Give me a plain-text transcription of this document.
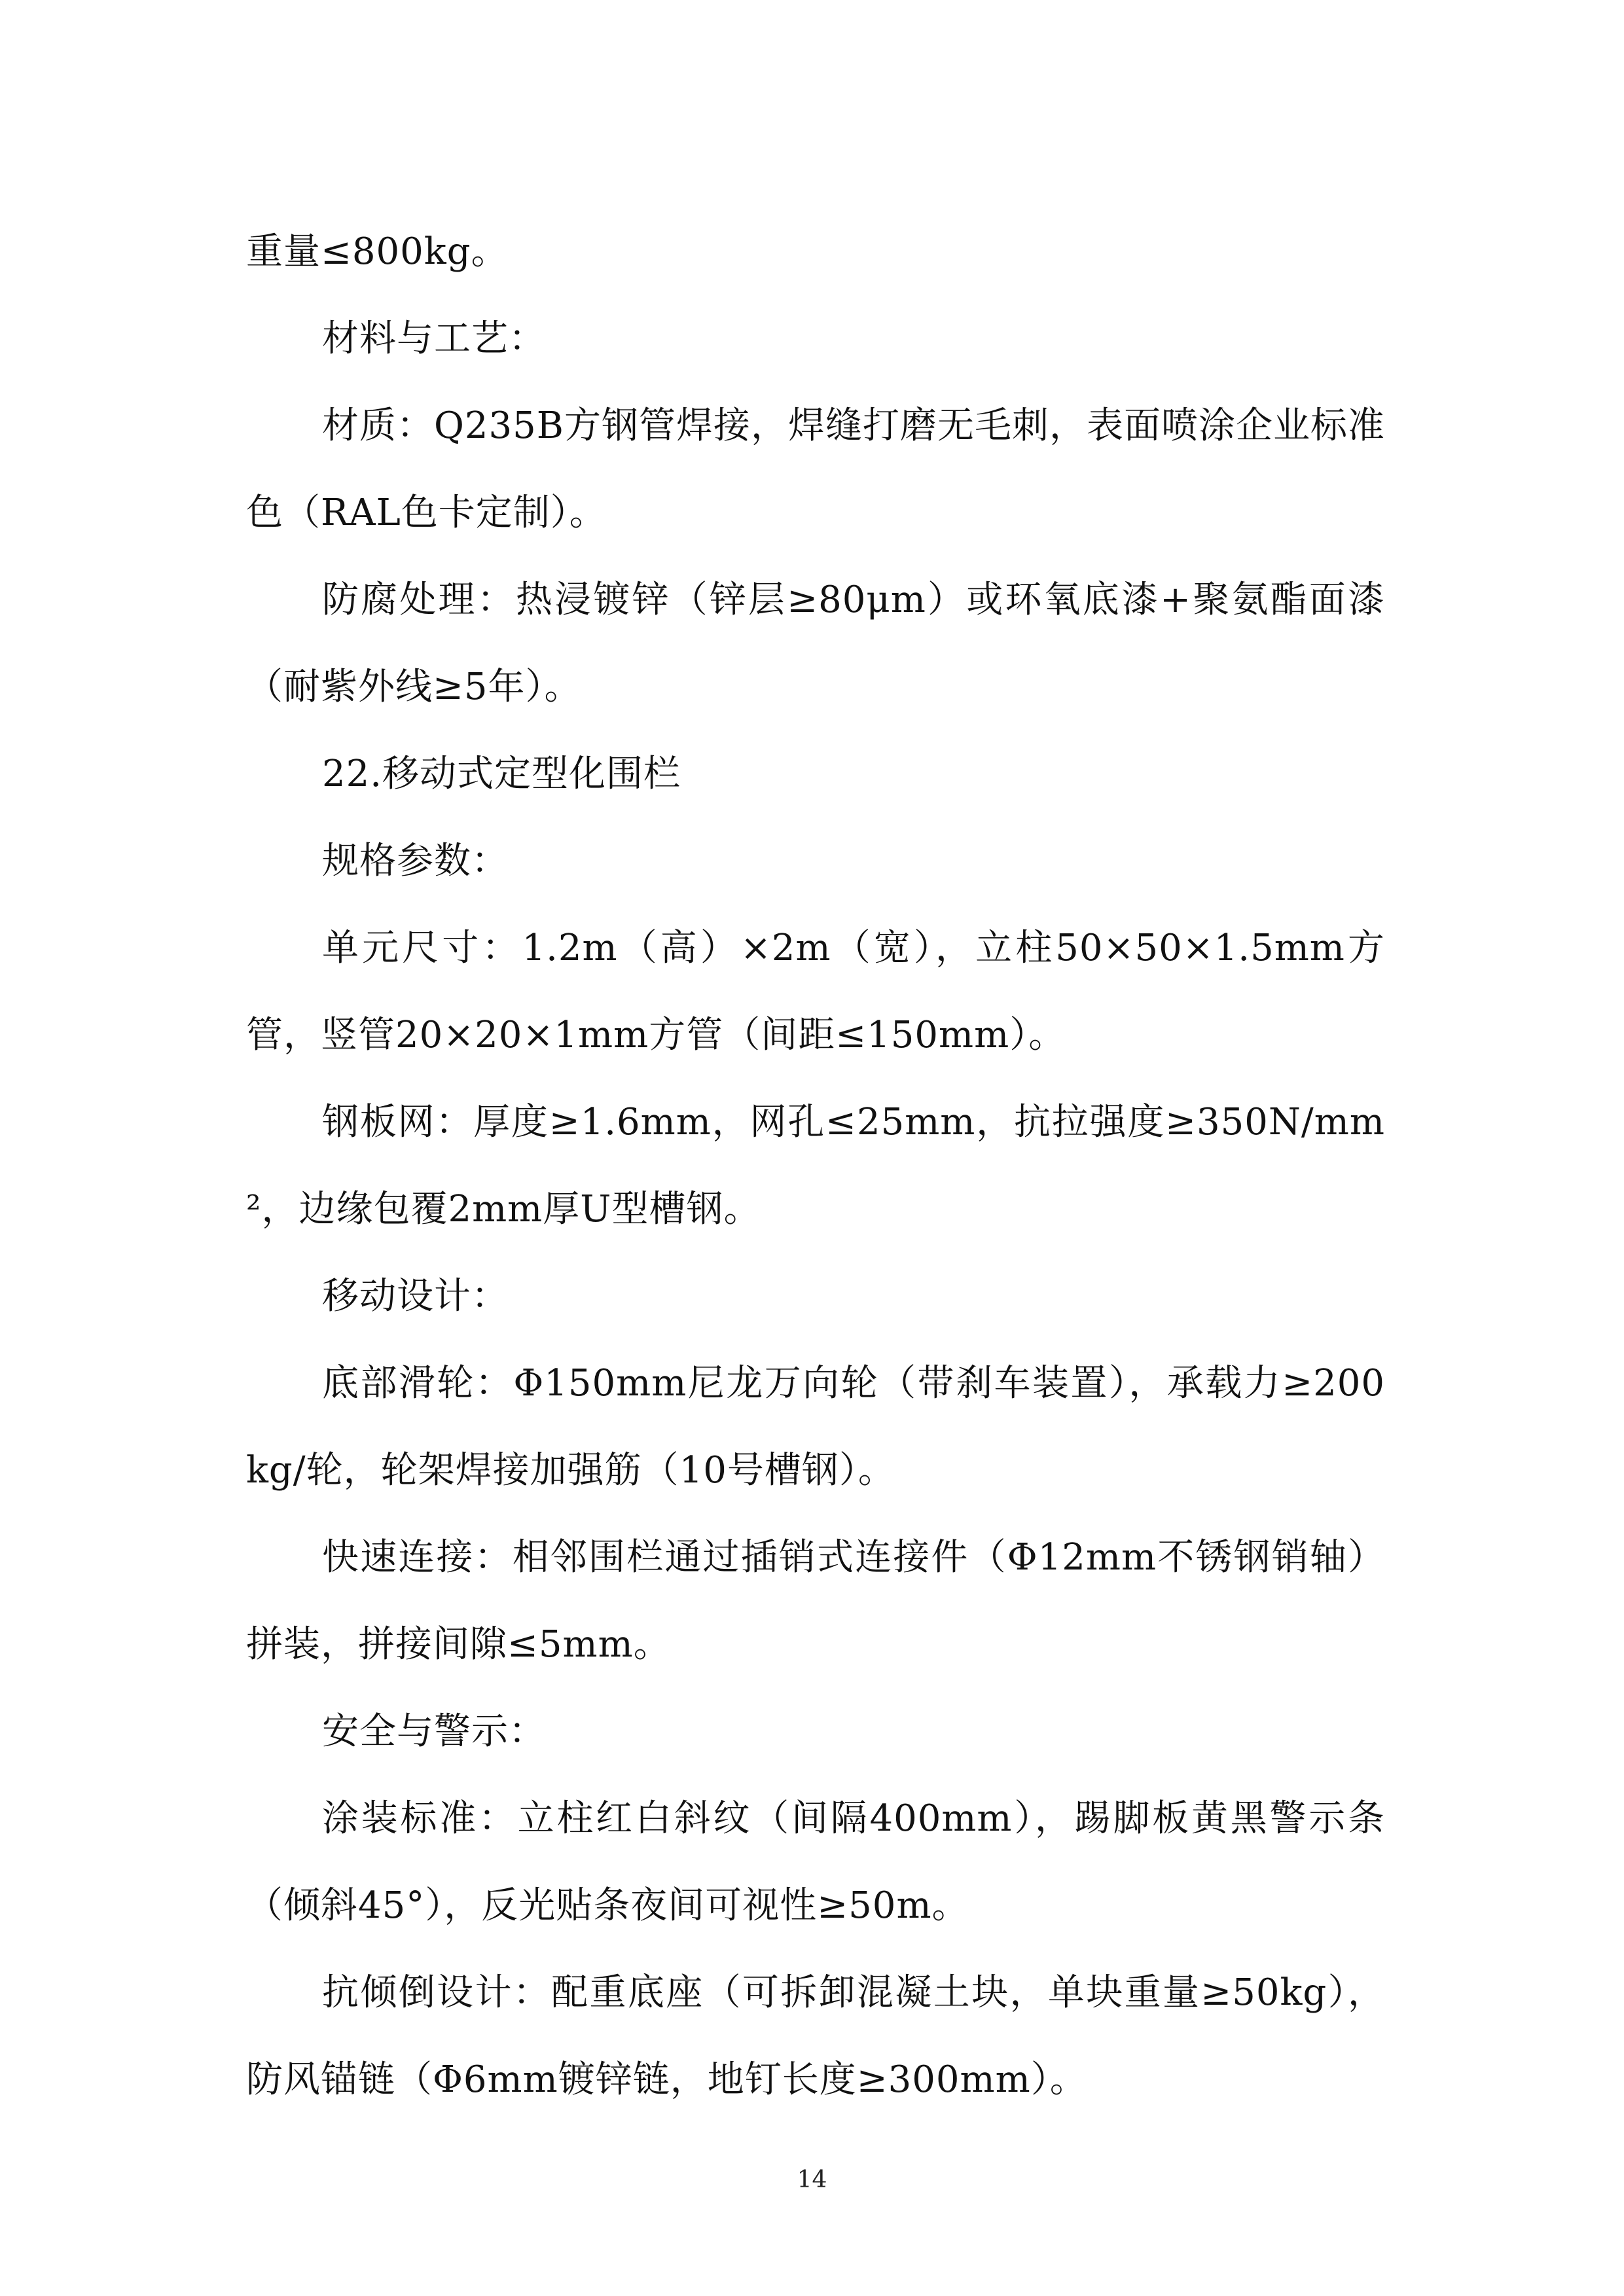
重量≤800kg。

材料与工艺：

材质：Q235B方钢管焊接，焊缝打磨无毛刺，表面喷涂企业标准色（RAL色卡定制）。

防腐处理：热浸镀锌（锌层≥80μm）或环氧底漆+聚氨酯面漆（耐紫外线≥5年）。

22.移动式定型化围栏

规格参数：

单元尺寸：1.2m（高）×2m（宽），立柱50×50×1.5mm方管，竖管20×20×1mm方管（间距≤150mm）。

钢板网：厚度≥1.6mm，网孔≤25mm，抗拉强度≥350N/mm²，边缘包覆2mm厚U型槽钢。

移动设计：

底部滑轮：Φ150mm尼龙万向轮（带刹车装置），承载力≥200kg/轮，轮架焊接加强筋（10号槽钢）。

快速连接：相邻围栏通过插销式连接件（Φ12mm不锈钢销轴）拼装，拼接间隙≤5mm。

安全与警示：

涂装标准：立柱红白斜纹（间隔400mm），踢脚板黄黑警示条（倾斜45°），反光贴条夜间可视性≥50m。

抗倾倒设计：配重底座（可拆卸混凝土块，单块重量≥50kg），防风锚链（Φ6mm镀锌链，地钉长度≥300mm）。

14
